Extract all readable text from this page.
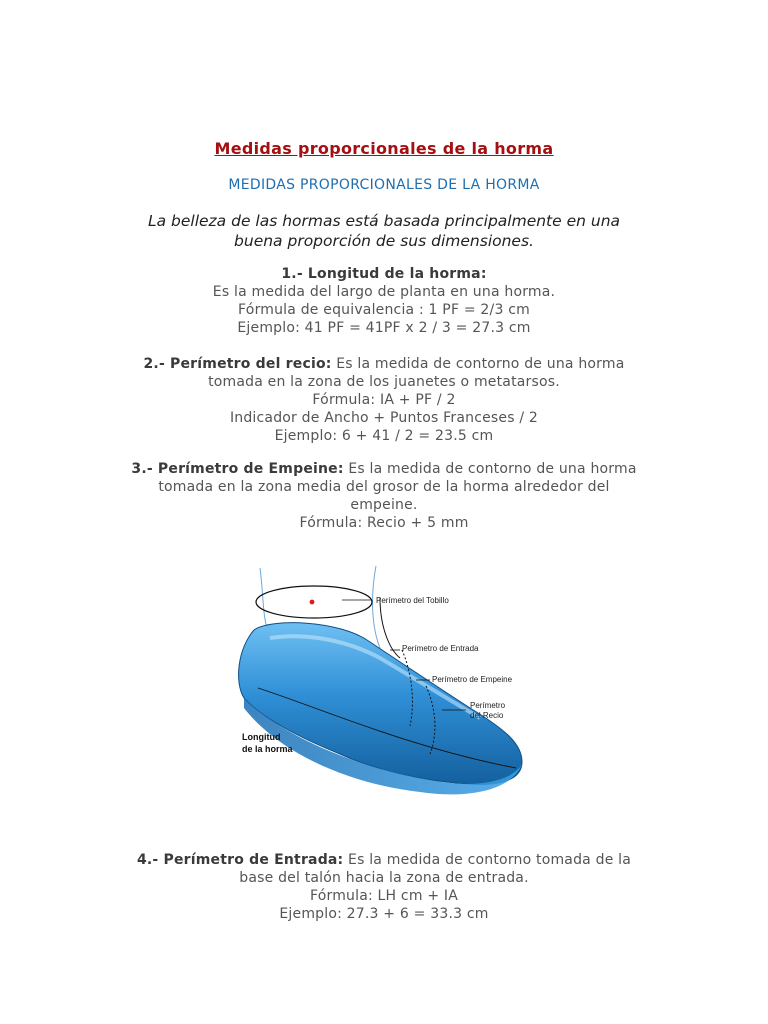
Medidas proporcionales de la horma
MEDIDAS PROPORCIONALES DE LA HORMA
La belleza de las hormas está basada principalmente en una
buena proporción de sus dimensiones.
1.- Longitud de la horma:
Es la medida del largo de planta en una horma.
Fórmula de equivalencia : 1 PF = 2/3 cm
Ejemplo: 41 PF = 41PF x 2 / 3 = 27.3 cm
2.- Perímetro del recio: Es la medida de contorno de una horma
tomada en la zona de los juanetes o metatarsos.
Fórmula: IA + PF / 2
Indicador de Ancho + Puntos Franceses / 2
Ejemplo: 6 + 41 / 2 = 23.5 cm
3.- Perímetro de Empeine: Es la medida de contorno de una horma
tomada en la zona media del grosor de la horma alrededor del
empeine.
Fórmula: Recio + 5 mm
Perímetro del Tobillo
Perímetro de Entrada
Perímetro de Empeine
Perímetro
del Recio
Longitud
de la horma
4.- Perímetro de Entrada: Es la medida de contorno tomada de la
base del talón hacia la zona de entrada.
Fórmula: LH cm + IA
Ejemplo: 27.3 + 6 = 33.3 cm
